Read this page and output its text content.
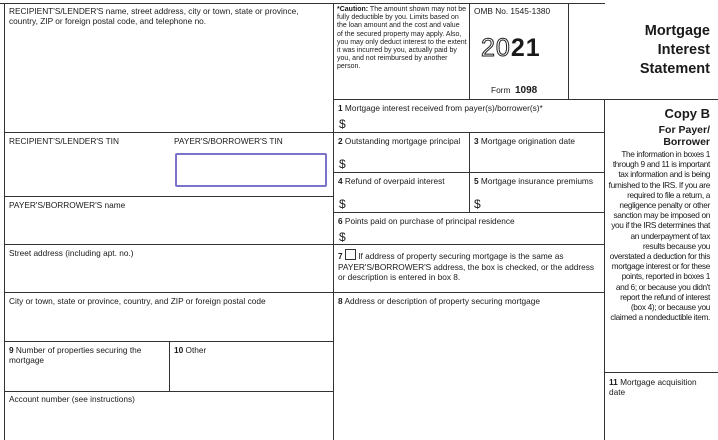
RECIPIENT'S/LENDER'S name, street address, city or town, state or province, country, ZIP or foreign postal code, and telephone no.
RECIPIENT'S/LENDER'S TIN	PAYER'S/BORROWER'S TIN
PAYER'S/BORROWER'S name
Street address (including apt. no.)
City or town, state or province, country, and ZIP or foreign postal code
9 Number of properties securing the mortgage
10 Other
Account number (see instructions)
*Caution: The amount shown may not be fully deductible by you. Limits based on the loan amount and the cost and value of the secured property may apply. Also, you may only deduct interest to the extent it was incurred by you, actually paid by you, and not reimbursed by another person.
OMB No. 1545-1380
2021
Form 1098
Mortgage
Interest
Statement
1 Mortgage interest received from payer(s)/borrower(s)*
$
2 Outstanding mortgage principal
$
3 Mortgage origination date
4 Refund of overpaid interest
$
5 Mortgage insurance premiums
$
6 Points paid on purchase of principal residence
$
7  If address of property securing mortgage is the same as PAYER'S/BORROWER'S address, the box is checked, or the address or description is entered in box 8.
8 Address or description of property securing mortgage
Copy B
For Payer/
Borrower
The information in boxes 1 through 9 and 11 is important tax information and is being furnished to the IRS. If you are required to file a return, a negligence penalty or other sanction may be imposed on you if the IRS determines that an underpayment of tax results because you overstated a deduction for this mortgage interest or for these points, reported in boxes 1 and 6; or because you didn't report the refund of interest (box 4); or because you claimed a nondeductible item.
11 Mortgage acquisition date
